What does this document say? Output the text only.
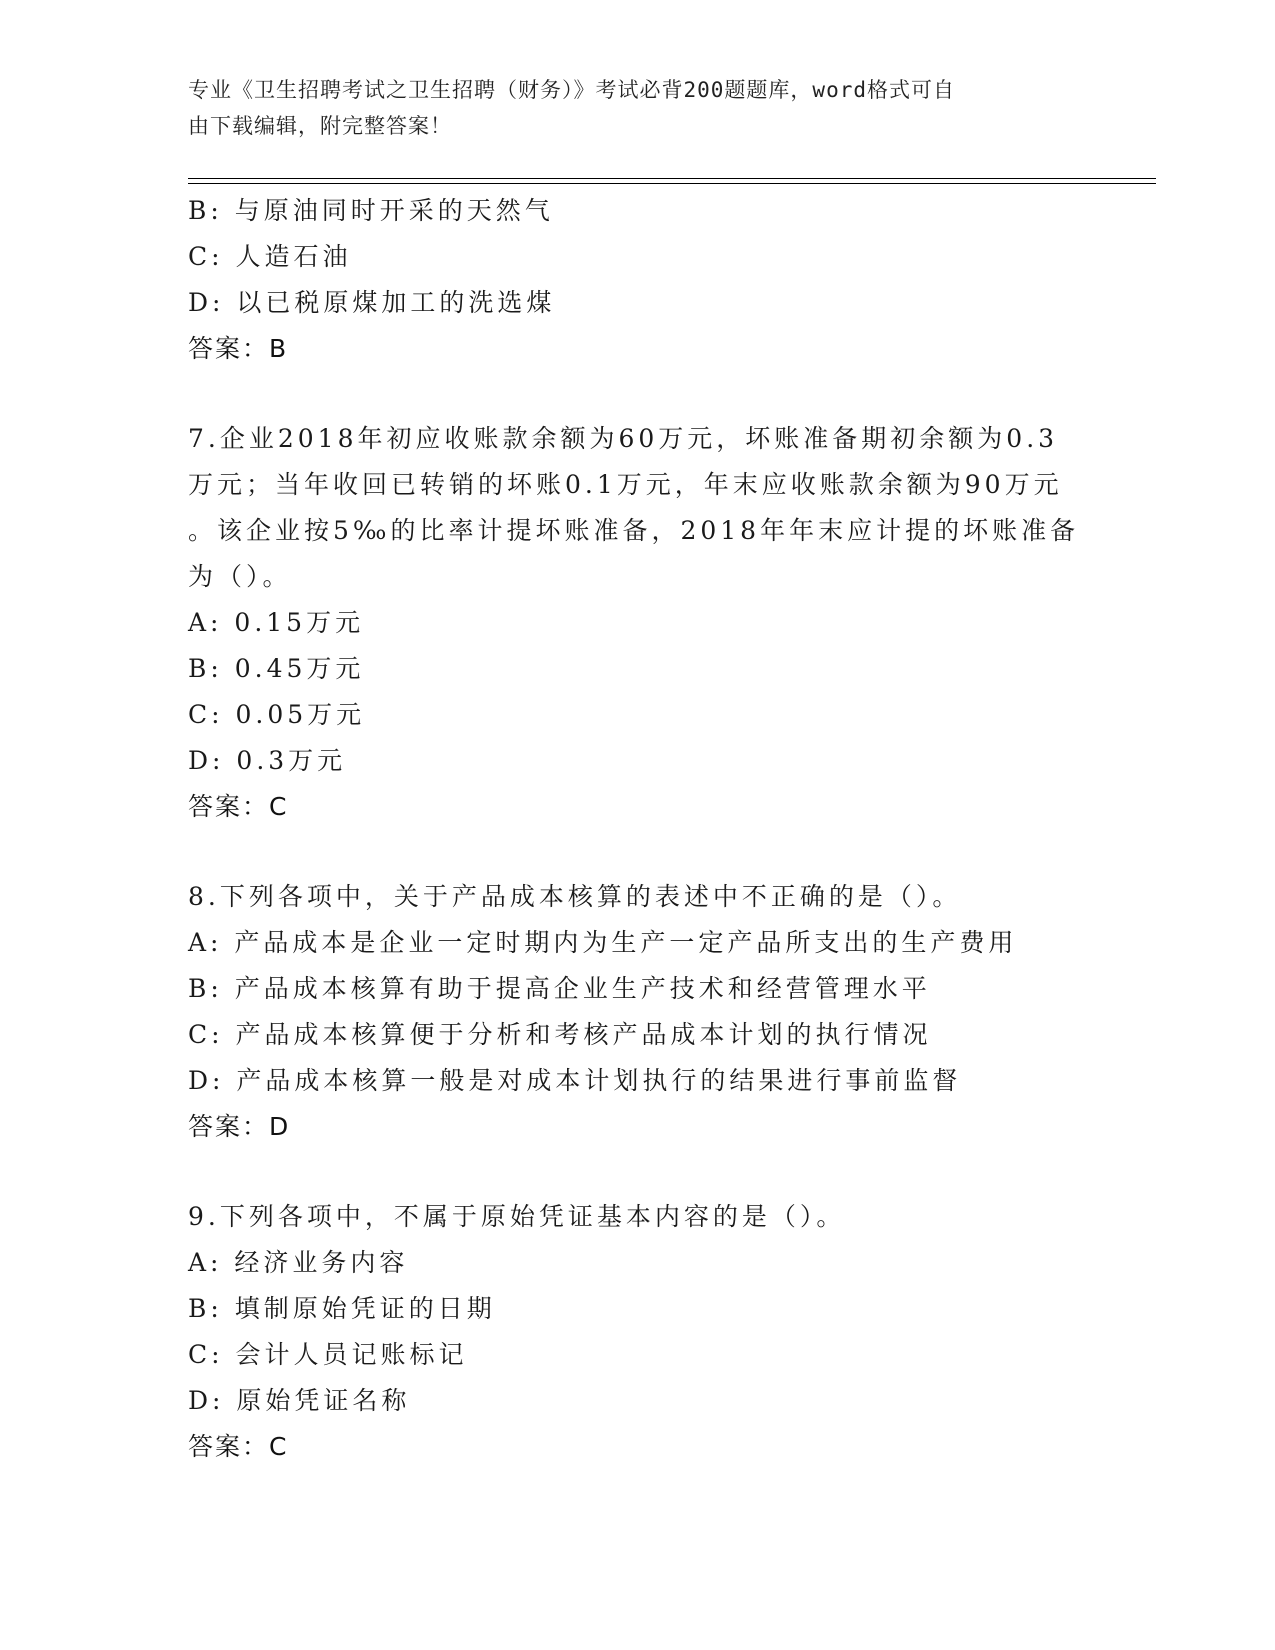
专业《卫生招聘考试之卫生招聘（财务）》考试必背200题题库，word格式可自
由下载编辑，附完整答案！
B: 与原油同时开采的天然气
C: 人造石油
D: 以已税原煤加工的洗选煤
答案：B
7.企业2018年初应收账款余额为60万元，坏账准备期初余额为0.3
万元；当年收回已转销的坏账0.1万元，年末应收账款余额为90万元
。该企业按5‰的比率计提坏账准备，2018年年末应计提的坏账准备
为（）。
A: 0.15万元
B: 0.45万元
C: 0.05万元
D: 0.3万元
答案：C
8.下列各项中，关于产品成本核算的表述中不正确的是（）。
A: 产品成本是企业一定时期内为生产一定产品所支出的生产费用
B: 产品成本核算有助于提高企业生产技术和经营管理水平
C: 产品成本核算便于分析和考核产品成本计划的执行情况
D: 产品成本核算一般是对成本计划执行的结果进行事前监督
答案：D
9.下列各项中，不属于原始凭证基本内容的是（）。
A: 经济业务内容
B: 填制原始凭证的日期
C: 会计人员记账标记
D: 原始凭证名称
答案：C
